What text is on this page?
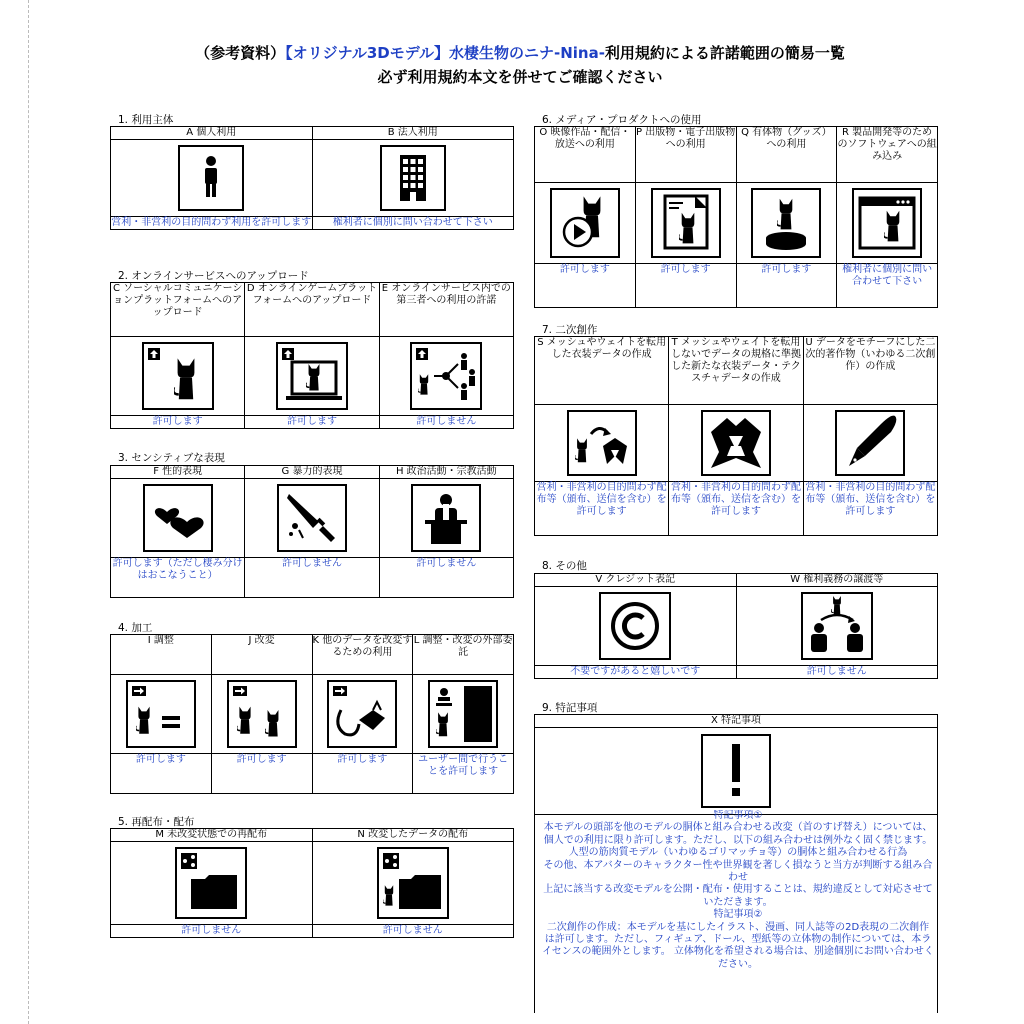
（参考資料）【オリジナル3Dモデル】水棲生物のニナ-Nina-利用規約による許諾範囲の簡易一覧
必ず利用規約本文を併せてご確認ください
1. 利用主体
A 個人利用	B 法人利用

営利・非営利の目的問わず利用を許可します	権利者に個別に問い合わせて下さい
2. オンラインサービスへのアップロード
C ソーシャルコミュニケーションプラットフォームへのアップロード	D オンラインゲームプラットフォームへのアップロード	E オンラインサービス内での第三者への利用の許諾

許可します	許可します	許可しません
3. センシティブな表現
F 性的表現	G 暴力的表現	H 政治活動・宗教活動

許可します（ただし棲み分けはおこなうこと）	許可しません	許可しません
4. 加工
I 調整	J 改変	K 他のデータを改変するための利用	L 調整・改変の外部委託

許可します	許可します	許可します	ユーザー間で行うことを許可します
5. 再配布・配布
M 未改変状態での再配布	N 改変したデータの配布

許可しません	許可しません
6. メディア・プロダクトへの使用
O 映像作品・配信・放送への利用	P 出版物・電子出版物への利用	Q 有体物（グッズ）への利用	R 製品開発等のためのソフトウェアへの組み込み

許可します	許可します	許可します	権利者に個別に問い合わせて下さい
7. 二次創作
S メッシュやウェイトを転用した衣装データの作成	T メッシュやウェイトを転用しないでデータの規格に準拠した新たな衣装データ・テクスチャデータの作成	U データをモチーフにした二次的著作物（いわゆる二次創作）の作成

営利・非営利の目的問わず配布等（頒布、送信を含む）を許可します	営利・非営利の目的問わず配布等（頒布、送信を含む）を許可します	営利・非営利の目的問わず配布等（頒布、送信を含む）を許可します
8. その他
V クレジット表記	W 権利義務の譲渡等

不要ですがあると嬉しいです	許可しません
9. 特記事項
X 特記事項

特記事項①
本モデルの頭部を他のモデルの胴体と組み合わせる改変（首のすげ替え）については、個人での利用に限り許可します。ただし、以下の組み合わせは例外なく固く禁じます。
人型の筋肉質モデル（いわゆるゴリマッチョ等）の胴体と組み合わせる行為
その他、本アバターのキャラクター性や世界観を著しく損なうと当方が判断する組み合わせ
上記に該当する改変モデルを公開・配布・使用することは、規約違反として対応させていただきます。
特記事項②
二次創作の作成：本モデルを基にしたイラスト、漫画、同人誌等の2D表現の二次創作は許可します。ただし、フィギュア、ドール、型紙等の立体物の制作については、本ライセンスの範囲外とします。 立体物化を希望される場合は、別途個別にお問い合わせください。
